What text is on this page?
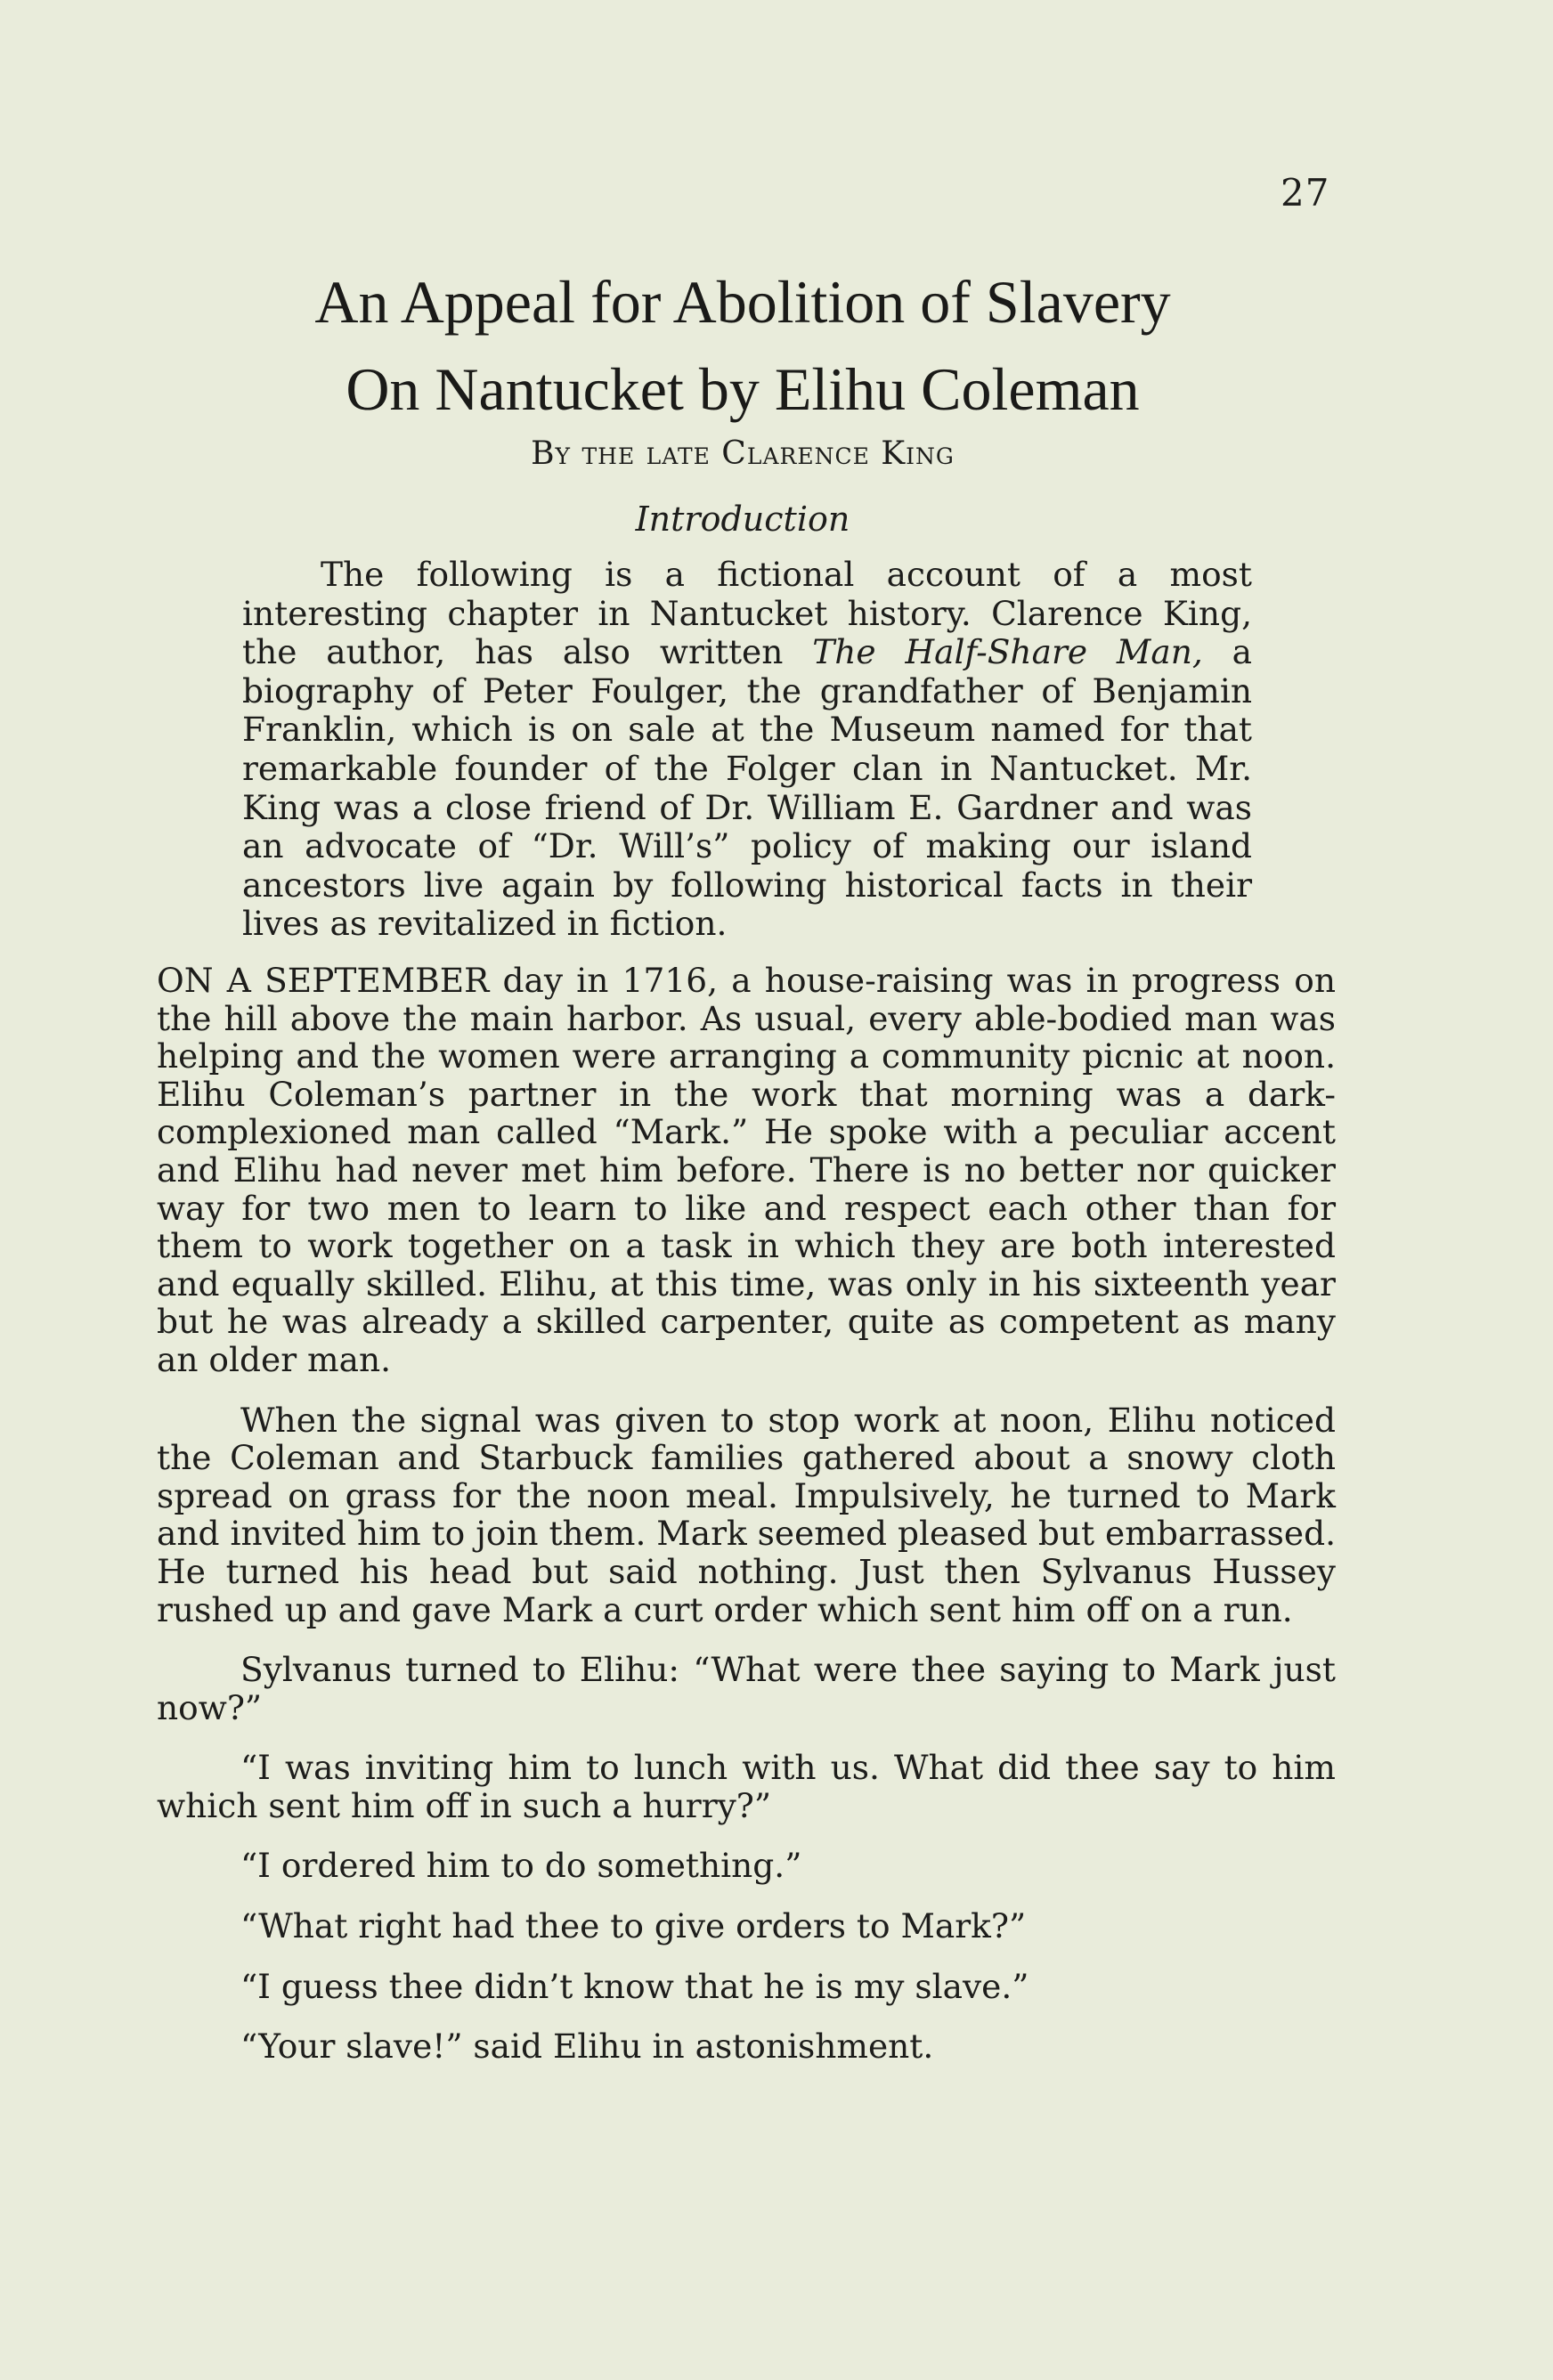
27
An Appeal for Abolition of Slavery
On Nantucket by Elihu Coleman
By the late Clarence King
Introduction

The following is a fictional account of a most interesting chapter in Nantucket history. Clarence King, the author, has also written The Half-Share Man, a biography of Peter Foulger, the grandfather of Benjamin Franklin, which is on sale at the Museum named for that remarkable founder of the Folger clan in Nantucket. Mr. King was a close friend of Dr. William E. Gardner and was an advocate of “Dr. Will’s” policy of making our island ancestors live again by following historical facts in their lives as revitalized in fiction.

ON A SEPTEMBER day in 1716, a house-raising was in progress on the hill above the main harbor. As usual, every able-bodied man was helping and the women were arranging a community picnic at noon. Elihu Coleman’s partner in the work that morning was a dark-complexioned man called “Mark.” He spoke with a peculiar accent and Elihu had never met him before. There is no better nor quicker way for two men to learn to like and respect each other than for them to work together on a task in which they are both interested and equally skilled. Elihu, at this time, was only in his sixteenth year but he was already a skilled carpenter, quite as competent as many an older man.

When the signal was given to stop work at noon, Elihu noticed the Coleman and Starbuck families gathered about a snowy cloth spread on grass for the noon meal. Impulsively, he turned to Mark and invited him to join them. Mark seemed pleased but embarrassed. He turned his head but said nothing. Just then Sylvanus Hussey rushed up and gave Mark a curt order which sent him off on a run.

Sylvanus turned to Elihu: “What were thee saying to Mark just now?”

“I was inviting him to lunch with us. What did thee say to him which sent him off in such a hurry?”

“I ordered him to do something.”

“What right had thee to give orders to Mark?”

“I guess thee didn’t know that he is my slave.”

“Your slave!” said Elihu in astonishment.
